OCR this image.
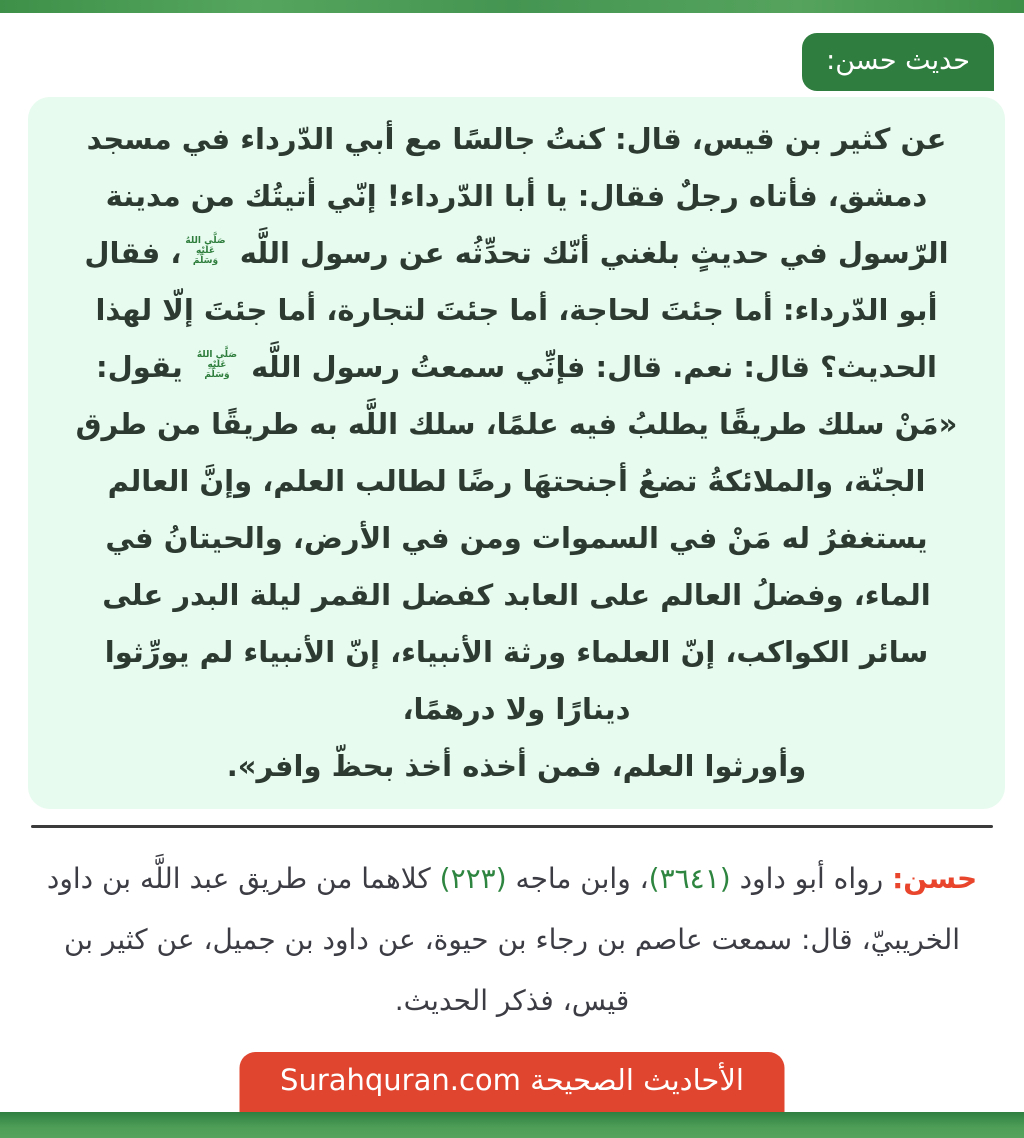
حديث حسن:
عن كثير بن قيس، قال: كنتُ جالسًا مع أبي الدّرداء في مسجد
دمشق، فأتاه رجلٌ فقال: يا أبا الدّرداء! إنّي أتيتُك من مدينة
الرّسول في حديثٍ بلغني أنّك تحدِّثُه عن رسول اللَّه
صَلَّى اللهُ
عَلَيْهِ
وَسَلَّمَ
، فقال
أبو الدّرداء: أما جئتَ لحاجة، أما جئتَ لتجارة، أما جئتَ إلّا لهذا
الحديث؟ قال: نعم. قال: فإنِّي سمعتُ رسول اللَّه
صَلَّى اللهُ
عَلَيْهِ
وَسَلَّمَ
يقول:
«مَنْ سلك طريقًا يطلبُ فيه علمًا، سلك اللَّه به طريقًا من طرق
الجنّة، والملائكةُ تضعُ أجنحتهَا رضًا لطالب العلم، وإنَّ العالم
يستغفرُ له مَنْ في السموات ومن في الأرض، والحيتانُ في
الماء، وفضلُ العالم على العابد كفضل القمر ليلة البدر على
سائر الكواكب، إنّ العلماء ورثة الأنبياء، إنّ الأنبياء لم يورِّثوا
دينارًا ولا درهمًا،
وأورثوا العلم، فمن أخذه أخذ بحظّ وافر».

حسن: رواه أبو داود (٣٦٤١)، وابن ماجه (٢٢٣) كلاهما من طريق عبد اللَّه بن داود الخريبيّ، قال: سمعت عاصم بن رجاء بن حيوة، عن داود بن جميل، عن كثير بن قيس، فذكر الحديث.

الأحاديث الصحيحة Surahquran.com
